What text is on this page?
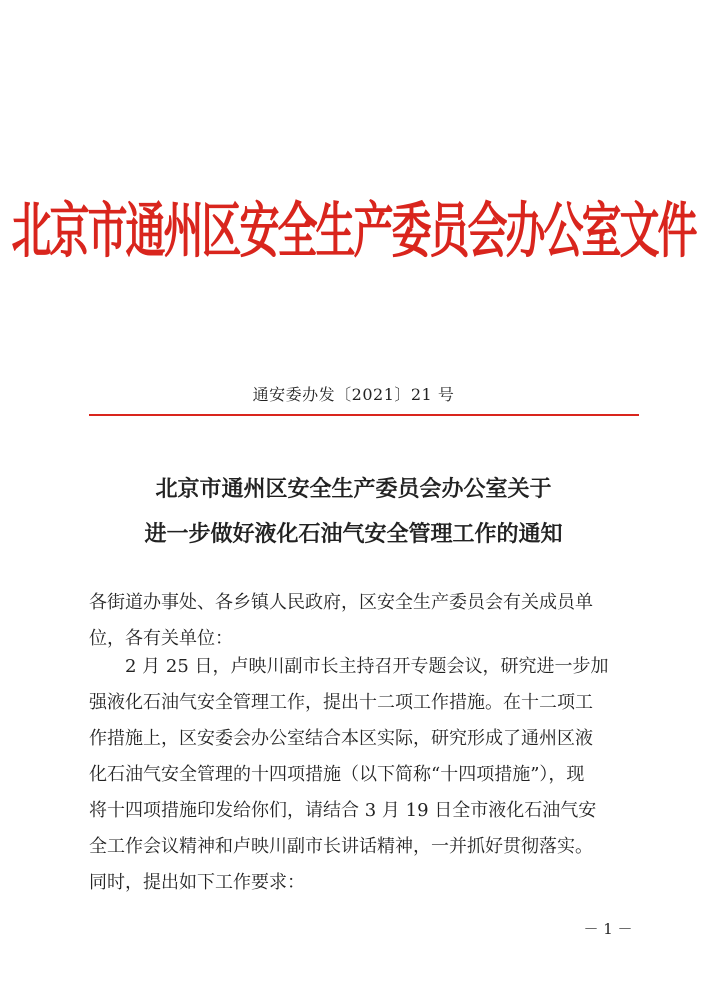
北京市通州区安全生产委员会办公室文件
通安委办发〔2021〕21 号
北京市通州区安全生产委员会办公室关于
进一步做好液化石油气安全管理工作的通知
各街道办事处、各乡镇人民政府，区安全生产委员会有关成员单
位，各有关单位：
2 月 25 日，卢映川副市长主持召开专题会议，研究进一步加
强液化石油气安全管理工作，提出十二项工作措施。在十二项工
作措施上，区安委会办公室结合本区实际，研究形成了通州区液
化石油气安全管理的十四项措施（以下简称“十四项措施”），现
将十四项措施印发给你们，请结合 3 月 19 日全市液化石油气安
全工作会议精神和卢映川副市长讲话精神，一并抓好贯彻落实。
同时，提出如下工作要求：
－ 1 －
